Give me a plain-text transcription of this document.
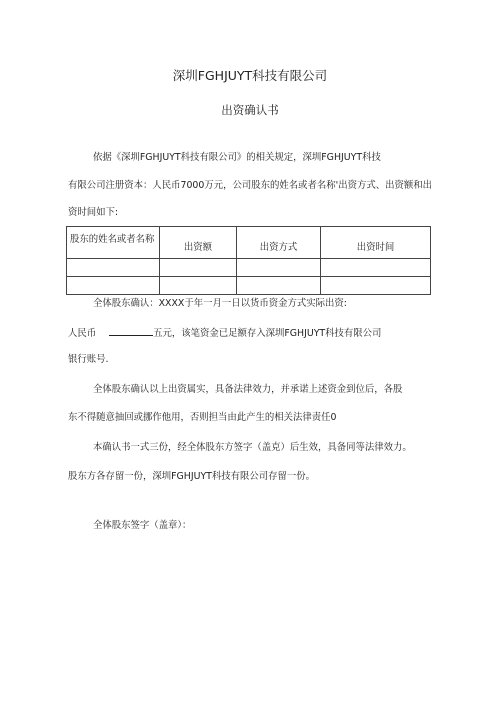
深圳FGHJUYT科技有限公司
出资确认书
依据《深圳FGHJUYT科技有限公司》的相关规定，深圳FGHJUYT科技
有限公司注册资本：人民币7000万元，公司股东的姓名或者名称'出资方式、出资额和出
资时间如下:
股东的姓名或者名称	出资额	出资方式	出资时间

全体股东确认：XXXX于年一月一日以货币资金方式实际出资:
人民币	五元，该笔资金已足额存入深圳FGHJUYT科技有限公司
银行账号.
全体股东确认以上出资属实，具备法律效力，并承诺上述资金到位后，各股
东不得随意抽回或挪作他用，否则担当由此产生的相关法律责任0
本确认书一式三份，经全体股东方签字（盖克）后生效，具备同等法律效力。
股东方各存留一份，深圳FGHJUYT科技有限公司存留一份。
全体股东签字（盖章）：
